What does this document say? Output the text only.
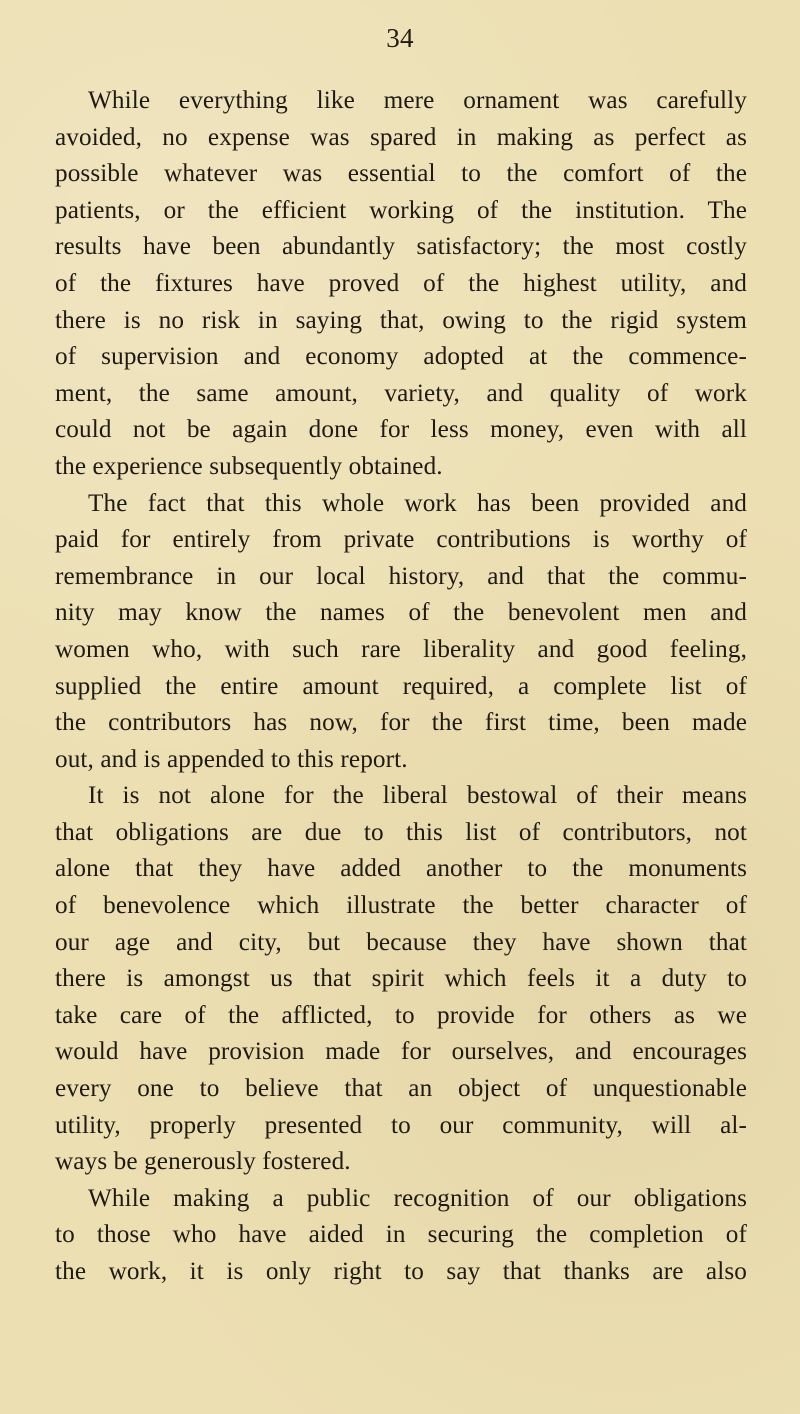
34
While everything like mere ornament was carefully
avoided, no expense was spared in making as perfect as
possible whatever was essential to the comfort of the
patients, or the efficient working of the institution. The
results have been abundantly satisfactory; the most costly
of the fixtures have proved of the highest utility, and
there is no risk in saying that, owing to the rigid system
of supervision and economy adopted at the commence-
ment, the same amount, variety, and quality of work
could not be again done for less money, even with all
the experience subsequently obtained.
The fact that this whole work has been provided and
paid for entirely from private contributions is worthy of
remembrance in our local history, and that the commu-
nity may know the names of the benevolent men and
women who, with such rare liberality and good feeling,
supplied the entire amount required, a complete list of
the contributors has now, for the first time, been made
out, and is appended to this report.
It is not alone for the liberal bestowal of their means
that obligations are due to this list of contributors, not
alone that they have added another to the monuments
of benevolence which illustrate the better character of
our age and city, but because they have shown that
there is amongst us that spirit which feels it a duty to
take care of the afflicted, to provide for others as we
would have provision made for ourselves, and encourages
every one to believe that an object of unquestionable
utility, properly presented to our community, will al-
ways be generously fostered.
While making a public recognition of our obligations
to those who have aided in securing the completion of
the work, it is only right to say that thanks are also
